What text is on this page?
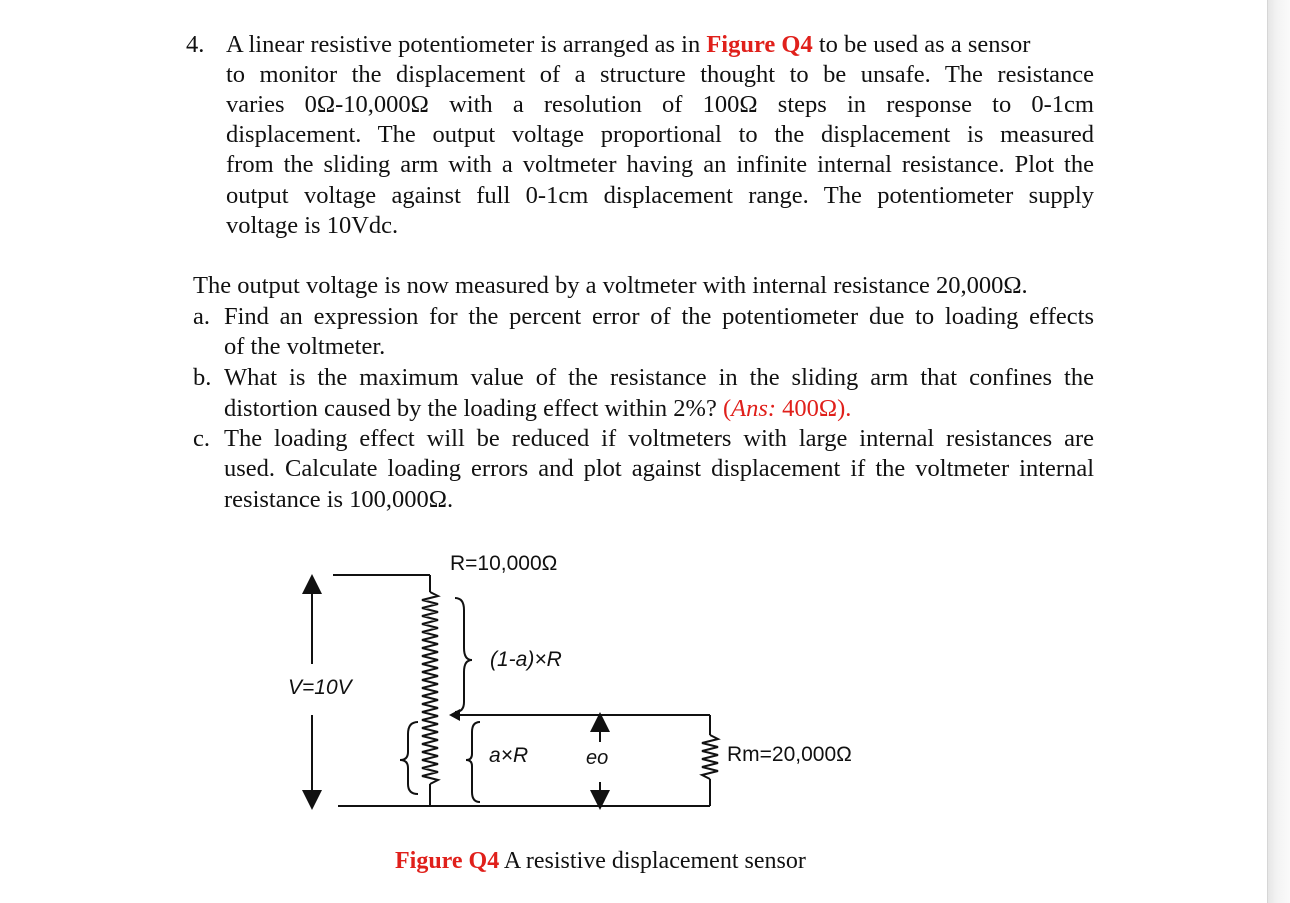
4. A linear resistive potentiometer is arranged as in Figure Q4 to be used as a sensor
to monitor the displacement of a structure thought to be unsafe. The resistance
varies 0Ω-10,000Ω with a resolution of 100Ω steps in response to 0-1cm
displacement. The output voltage proportional to the displacement is measured
from the sliding arm with a voltmeter having an infinite internal resistance. Plot the
output voltage against full 0-1cm displacement range. The potentiometer supply
voltage is 10Vdc.
The output voltage is now measured by a voltmeter with internal resistance 20,000Ω.
a. Find an expression for the percent error of the potentiometer due to loading effects
of the voltmeter.
b. What is the maximum value of the resistance in the sliding arm that confines the
distortion caused by the loading effect within 2%? (Ans: 400Ω).
c. The loading effect will be reduced if voltmeters with large internal resistances are
used. Calculate loading errors and plot against displacement if the voltmeter internal
resistance is 100,000Ω.
R=10,000Ω
(1-a)×R
V=10V
a×R	eo	Rm=20,000Ω
Figure Q4 A resistive displacement sensor
